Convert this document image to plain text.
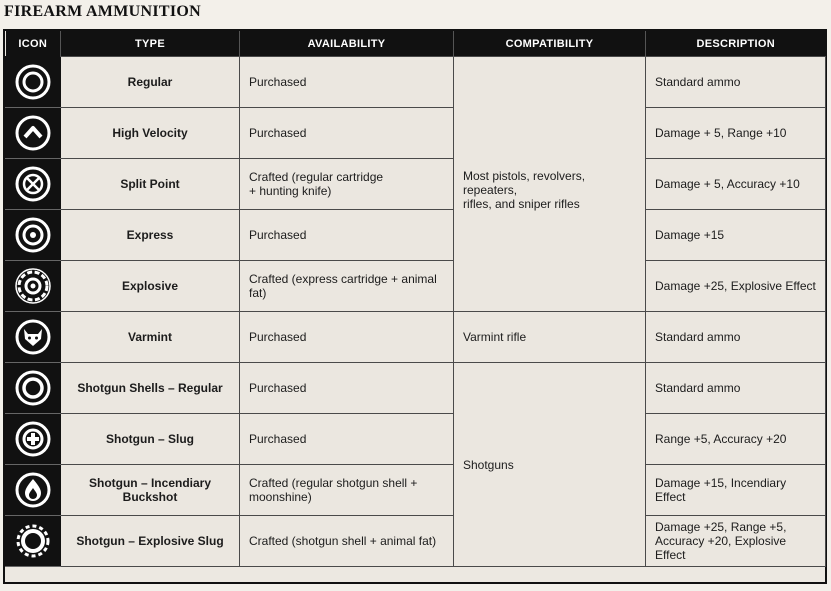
FIREARM AMMUNITION
ICON	TYPE	AVAILABILITY	COMPATIBILITY	DESCRIPTION

	Regular	Purchased	Most pistols, revolvers, repeaters,
rifles, and sniper rifles	Standard ammo

	High Velocity	Purchased		Damage + 5, Range +10

	Split Point	Crafted (regular cartridge
+ hunting knife)		Damage + 5, Accuracy +10

	Express	Purchased		Damage +15

	Explosive	Crafted (express cartridge + animal fat)		Damage +25, Explosive Effect

	Varmint	Purchased	Varmint rifle	Standard ammo

	Shotgun Shells – Regular	Purchased	Shotguns	Standard ammo

	Shotgun – Slug	Purchased		Range +5, Accuracy +20

	Shotgun – Incendiary
Buckshot	Crafted (regular shotgun shell +
moonshine)		Damage +15, Incendiary Effect

	Shotgun – Explosive Slug	Crafted (shotgun shell + animal fat)		Damage +25, Range +5,
Accuracy +20, Explosive Effect
